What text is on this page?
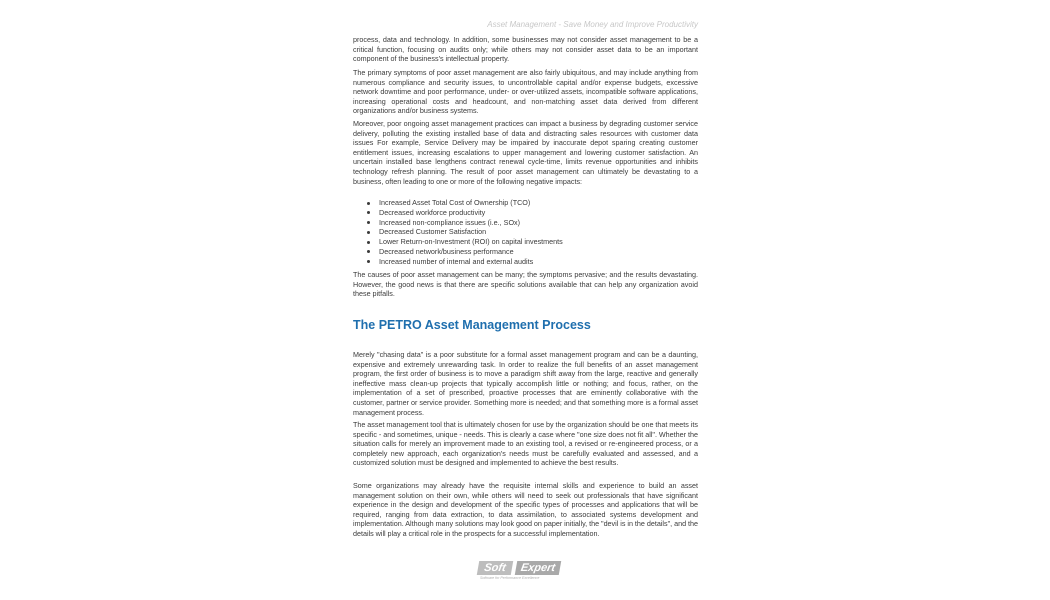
Asset Management - Save Money and Improve Productivity

process, data and technology. In addition, some businesses may not consider asset management to be a critical function, focusing on audits only; while others may not consider asset data to be an important component of the business's intellectual property.

The primary symptoms of poor asset management are also fairly ubiquitous, and may include anything from numerous compliance and security issues, to uncontrollable capital and/or expense budgets, excessive network downtime and poor performance, under- or over-utilized assets, incompatible software applications, increasing operational costs and headcount, and non-matching asset data derived from different organizations and/or business systems.

Moreover, poor ongoing asset management practices can impact a business by degrading customer service delivery, polluting the existing installed base of data and distracting sales resources with customer data issues For example, Service Delivery may be impaired by inaccurate depot sparing creating customer entitlement issues, increasing escalations to upper management and lowering customer satisfaction. An uncertain installed base lengthens contract renewal cycle-time, limits revenue opportunities and inhibits technology refresh planning. The result of poor asset management can ultimately be devastating to a business, often leading to one or more of the following negative impacts:

Increased Asset Total Cost of Ownership (TCO)
Decreased workforce productivity
Increased non-compliance issues (i.e., SOx)
Decreased Customer Satisfaction
Lower Return-on-Investment (ROI) on capital investments
Decreased network/business performance
Increased number of internal and external audits

The causes of poor asset management can be many; the symptoms pervasive; and the results devastating. However, the good news is that there are specific solutions available that can help any organization avoid these pitfalls.

The PETRO Asset Management Process

Merely "chasing data" is a poor substitute for a formal asset management program and can be a daunting, expensive and extremely unrewarding task. In order to realize the full benefits of an asset management program, the first order of business is to move a paradigm shift away from the large, reactive and generally ineffective mass clean-up projects that typically accomplish little or nothing; and focus, rather, on the implementation of a set of prescribed, proactive processes that are eminently collaborative with the customer, partner or service provider. Something more is needed; and that something more is a formal asset management process.

The asset management tool that is ultimately chosen for use by the organization should be one that meets its specific - and sometimes, unique - needs. This is clearly a case where "one size does not fit all". Whether the situation calls for merely an improvement made to an existing tool, a revised or re-engineered process, or a completely new approach, each organization's needs must be carefully evaluated and assessed, and a customized solution must be designed and implemented to achieve the best results.

Some organizations may already have the requisite internal skills and experience to build an asset management solution on their own, while others will need to seek out professionals that have significant experience in the design and development of the specific types of processes and applications that will be required, ranging from data extraction, to data assimilation, to associated systems development and implementation. Although many solutions may look good on paper initially, the "devil is in the details", and the details will play a critical role in the prospects for a successful implementation.

Soft	Expert
Software for Performance Excellence
